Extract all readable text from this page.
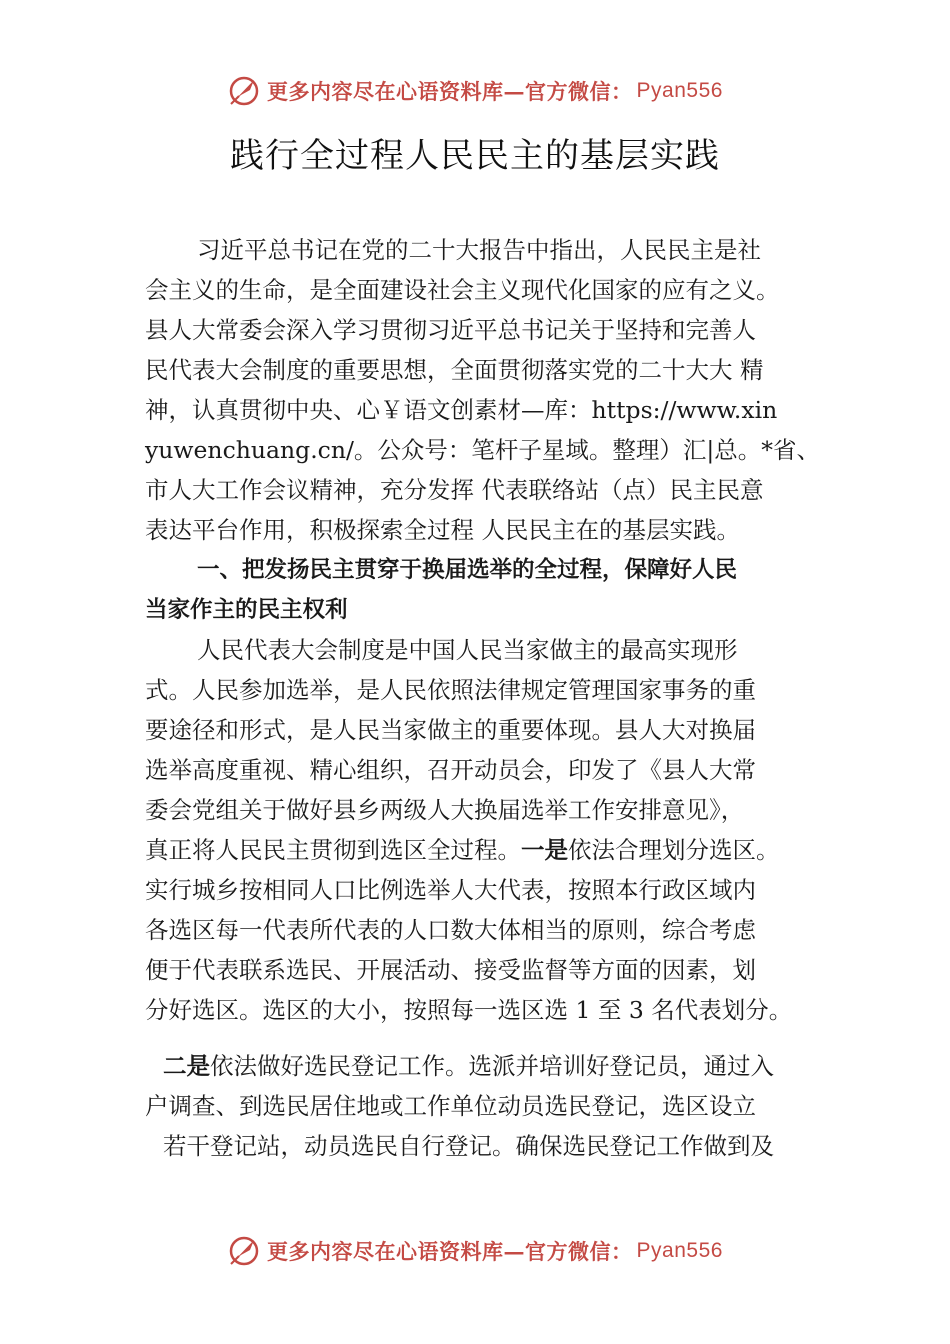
更多内容尽在心语资料库—官方微信： Pyan556
践行全过程人民民主的基层实践
习近平总书记在党的二十大报告中指出，人民民主是社
会主义的生命，是全面建设社会主义现代化国家的应有之义。
县人大常委会深入学习贯彻习近平总书记关于坚持和完善人
民代表大会制度的重要思想，全面贯彻落实党的二十大大 精
神，认真贯彻中央、心￥语文创素材—库：https://www.xin
yuwenchuang.cn/。公众号：笔杆子星域。整理）汇|总。*省、
市人大工作会议精神，充分发挥 代表联络站（点）民主民意
表达平台作用，积极探索全过程 人民民主在的基层实践。
一、把发扬民主贯穿于换届选举的全过程，保障好人民
当家作主的民主权利
人民代表大会制度是中国人民当家做主的最高实现形
式。人民参加选举，是人民依照法律规定管理国家事务的重
要途径和形式，是人民当家做主的重要体现。县人大对换届
选举高度重视、精心组织，召开动员会，印发了《县人大常
委会党组关于做好县乡两级人大换届选举工作安排意见》，
真正将人民民主贯彻到选区全过程。一是依法合理划分选区。
实行城乡按相同人口比例选举人大代表，按照本行政区域内
各选区每一代表所代表的人口数大体相当的原则，综合考虑
便于代表联系选民、开展活动、接受监督等方面的因素，划
分好选区。选区的大小，按照每一选区选 1 至 3 名代表划分。
二是依法做好选民登记工作。选派并培训好登记员，通过入
户调查、到选民居住地或工作单位动员选民登记，选区设立
若干登记站，动员选民自行登记。确保选民登记工作做到及
更多内容尽在心语资料库—官方微信： Pyan556
